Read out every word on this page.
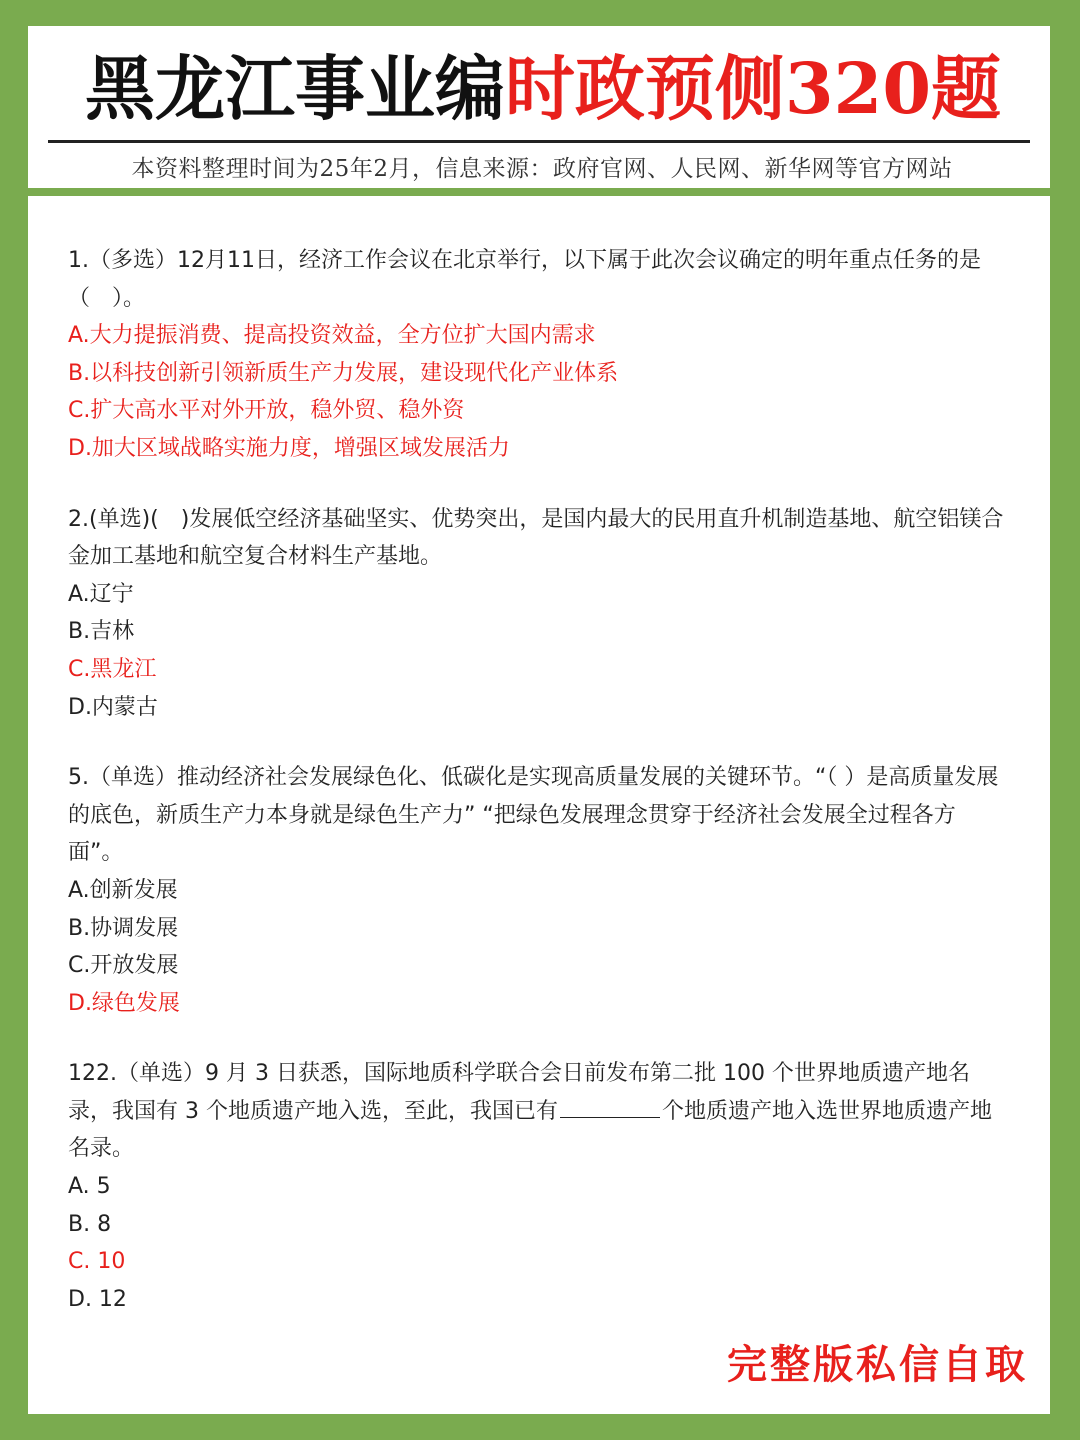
黑龙江事业编 时政预侧320题
本资料整理时间为25年2月，信息来源：政府官网、人民网、新华网等官方网站

1.（多选）12月11日，经济工作会议在北京举行，以下属于此次会议确定的明年重点任务的是（　）。

A.大力提振消费、提高投资效益，全方位扩大国内需求

B.以科技创新引领新质生产力发展，建设现代化产业体系

C.扩大高水平对外开放，稳外贸、稳外资

D.加大区域战略实施力度，增强区域发展活力

2.(单选)(　)发展低空经济基础坚实、优势突出，是国内最大的民用直升机制造基地、航空铝镁合金加工基地和航空复合材料生产基地。

A.辽宁

B.吉林

C.黑龙江

D.内蒙古

5.（单选）推动经济社会发展绿色化、低碳化是实现高质量发展的关键环节。“（ ）是高质量发展的底色，新质生产力本身就是绿色生产力” “把绿色发展理念贯穿于经济社会发展全过程各方面”。

A.创新发展

B.协调发展

C.开放发展

D.绿色发展

122.（单选）9 月 3 日获悉，国际地质科学联合会日前发布第二批 100 个世界地质遗产地名录，我国有 3 个地质遗产地入选，至此，我国已有	个地质遗产地入选世界地质遗产地名录。

A. 5

B. 8

C. 10

D. 12

完整版私信自取
